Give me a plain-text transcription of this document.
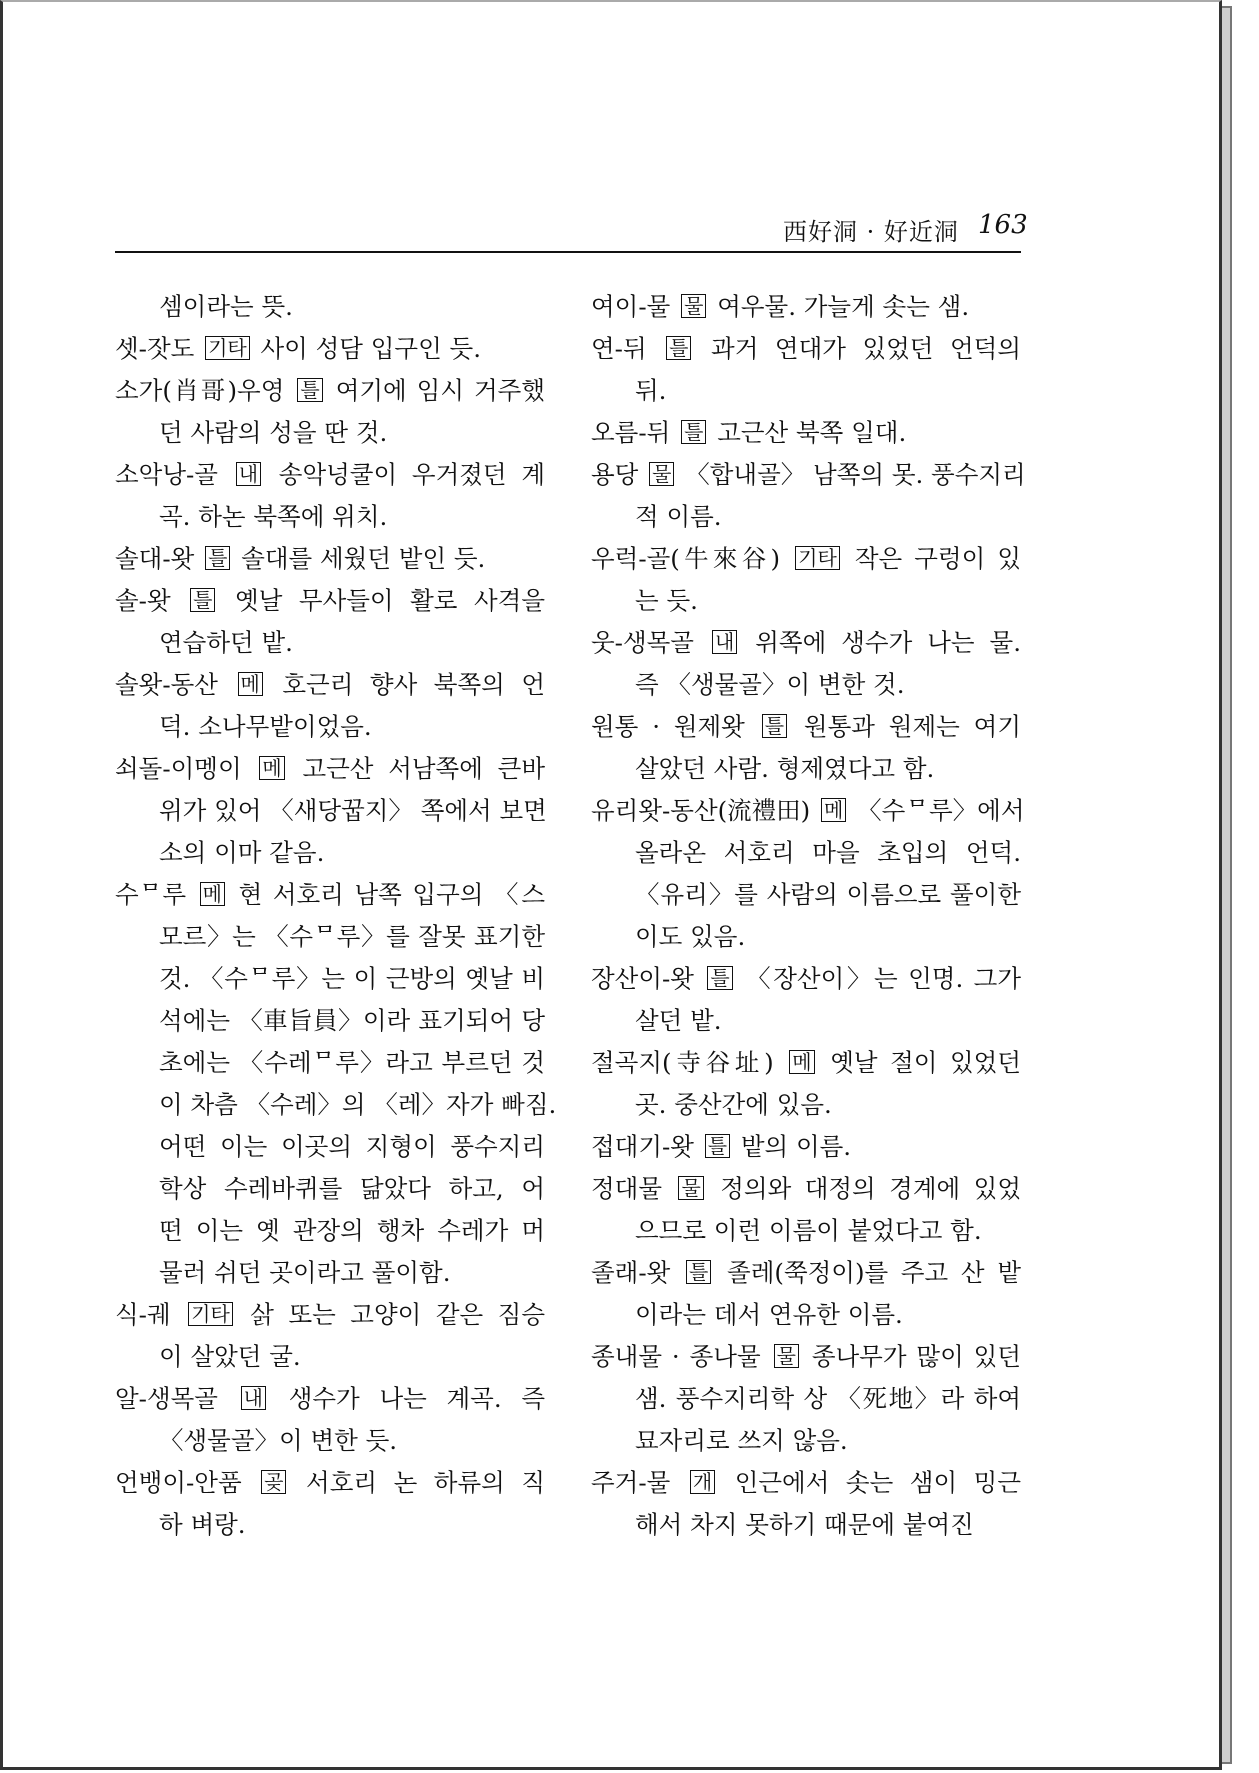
西好洞 · 好近洞 163
셈이라는 뜻.
셋-잣도 기타 사이 성담 입구인 듯.
소가(肖哥)우영 틀 여기에 임시 거주했
던 사람의 성을 딴 것.
소악낭-골 내 송악넝쿨이 우거졌던 계
곡. 하논 북쪽에 위치.
솔대-왓 틀 솔대를 세웠던 밭인 듯.
솔-왓 틀 옛날 무사들이 활로 사격을
연습하던 밭.
솔왓-동산 메 호근리 향사 북쪽의 언
덕. 소나무밭이었음.
쇠돌-이멩이 메 고근산 서남쪽에 큰바
위가 있어 〈새당꿉지〉 쪽에서 보면
소의 이마 같음.
수ᄆ루 메 현 서호리 남쪽 입구의 〈스
모르〉는 〈수ᄆ루〉를 잘못 표기한
것. 〈수ᄆ루〉는 이 근방의 옛날 비
석에는 〈車旨員〉이라 표기되어 당
초에는 〈수레ᄆ루〉라고 부르던 것
이 차츰 〈수레〉의 〈레〉자가 빠짐.
어떤 이는 이곳의 지형이 풍수지리
학상 수레바퀴를 닮았다 하고, 어
떤 이는 옛 관장의 행차 수레가 머
물러 쉬던 곳이라고 풀이함.
식-궤 기타 삵 또는 고양이 같은 짐승
이 살았던 굴.
알-생목골 내 생수가 나는 계곡. 즉
〈생물골〉이 변한 듯.
언뱅이-안품 곶 서호리 논 하류의 직
하 벼랑.
여이-물 물 여우물. 가늘게 솟는 샘.
연-뒤 틀 과거 연대가 있었던 언덕의
뒤.
오름-뒤 틀 고근산 북쪽 일대.
용당 물 〈합내골〉 남쪽의 못. 풍수지리
적 이름.
우럭-골(牛來谷) 기타 작은 구렁이 있
는 듯.
웃-생목골 내 위쪽에 생수가 나는 물.
즉 〈생물골〉이 변한 것.
원통 · 원제왓 틀 원통과 원제는 여기
살았던 사람. 형제였다고 함.
유리왓-동산(流禮田) 메 〈수ᄆ루〉에서
올라온 서호리 마을 초입의 언덕.
〈유리〉를 사람의 이름으로 풀이한
이도 있음.
장산이-왓 틀 〈장산이〉는 인명. 그가
살던 밭.
절곡지(寺谷址) 메 옛날 절이 있었던
곳. 중산간에 있음.
접대기-왓 틀 밭의 이름.
정대물 물 정의와 대정의 경계에 있었
으므로 이런 이름이 붙었다고 함.
졸래-왓 틀 졸레(쭉정이)를 주고 산 밭
이라는 데서 연유한 이름.
종내물 · 종나물 물 종나무가 많이 있던
샘. 풍수지리학 상 〈死地〉라 하여
묘자리로 쓰지 않음.
주거-물 개 인근에서 솟는 샘이 밍근
해서 차지 못하기 때문에 붙여진
